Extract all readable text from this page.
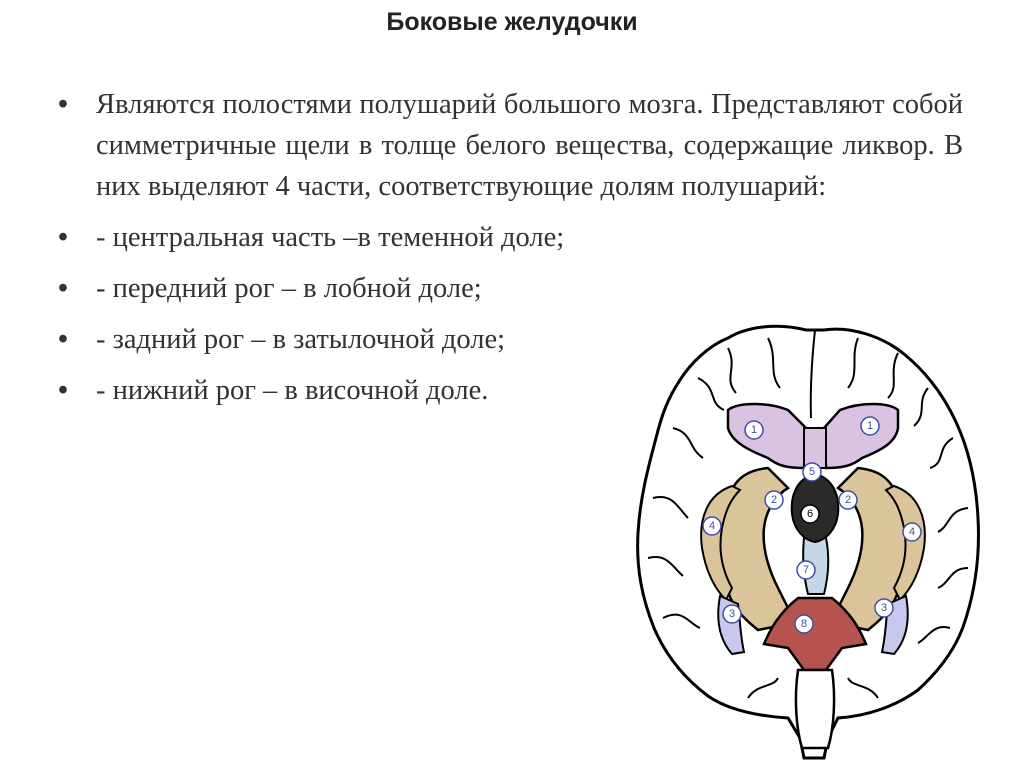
Боковые желудочки
• Являются полостями полушарий большого мозга. Представляют собой симметричные щели в толще белого вещества, содержащие ликвор. В них выделяют 4 части, соответствующие долям полушарий:
• - центральная часть –в теменной доле;
• - передний рог – в лобной доле;
• - задний рог – в затылочной доле;
• - нижний рог – в височной доле.
1	1
5
2	2
6
4	4
7
3	3
8
